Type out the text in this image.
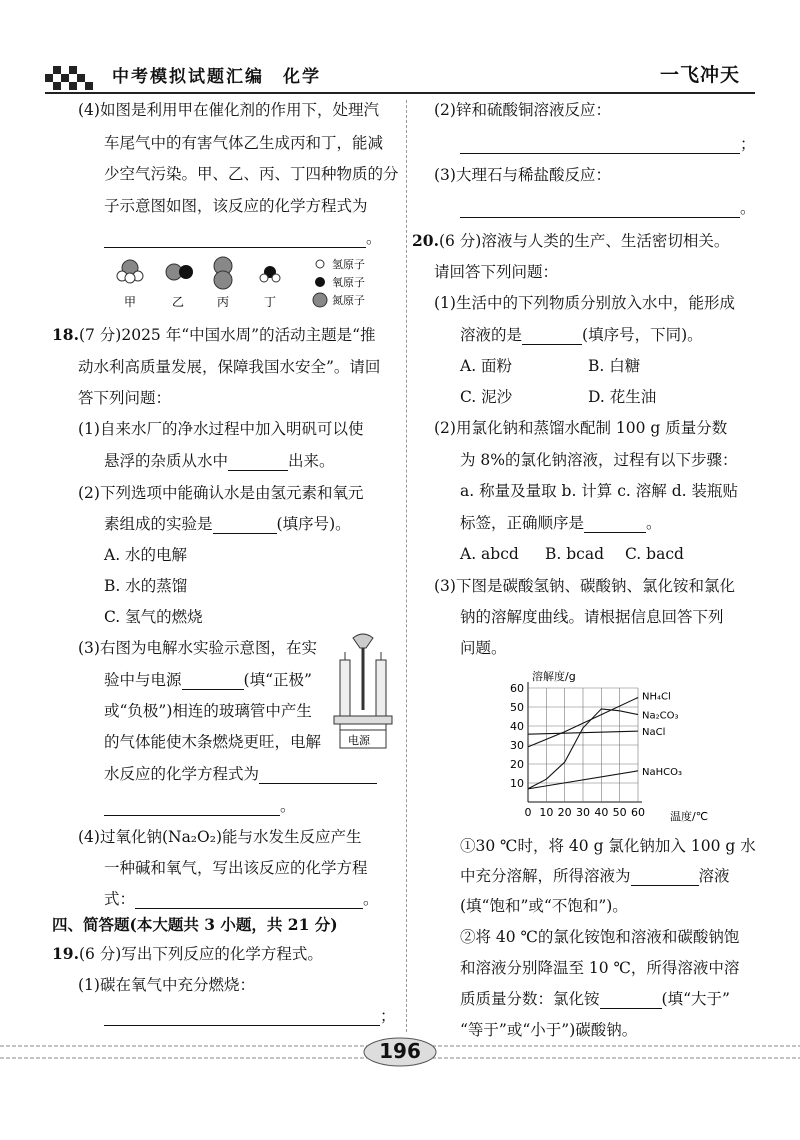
中考模拟试题汇编　化学	一飞冲天
(4)如图是利用甲在催化剂的作用下，处理汽
车尾气中的有害气体乙生成丙和丁，能减
少空气污染。甲、乙、丙、丁四种物质的分
子示意图如图，该反应的化学方程式为
。
甲	乙	丙	丁
氢原子
氧原子
氮原子
18.(7 分)2025 年“中国水周”的活动主题是“推
动水利高质量发展，保障我国水安全”。请回
答下列问题：
(1)自来水厂的净水过程中加入明矾可以使
悬浮的杂质从水中	出来。
(2)下列选项中能确认水是由氢元素和氧元
素组成的实验是	(填序号)。
A. 水的电解
B. 水的蒸馏
C. 氢气的燃烧
(3)右图为电解水实验示意图，在实
验中与电源	(填“正极”
或“负极”)相连的玻璃管中产生
的气体能使木条燃烧更旺，电解
水反应的化学方程式为
。
电源
(4)过氧化钠(Na₂O₂)能与水发生反应产生
一种碱和氧气，写出该反应的化学方程
式：	。
四、简答题(本大题共 3 小题，共 21 分)
19.(6 分)写出下列反应的化学方程式。
(1)碳在氧气中充分燃烧：
；
(2)锌和硫酸铜溶液反应：
；
(3)大理石与稀盐酸反应：
。
20.(6 分)溶液与人类的生产、生活密切相关。
请回答下列问题：
(1)生活中的下列物质分别放入水中，能形成
溶液的是	(填序号，下同)。
A. 面粉	B. 白糖
C. 泥沙	D. 花生油
(2)用氯化钠和蒸馏水配制 100 g 质量分数
为 8%的氯化钠溶液，过程有以下步骤：
a. 称量及量取 b. 计算 c. 溶解 d. 装瓶贴
标签，正确顺序是	。
A. abcd B. bcad C. bacd
(3)下图是碳酸氢钠、碳酸钠、氯化铵和氯化
钠的溶解度曲线。请根据信息回答下列
问题。
NH₄Cl
Na₂CO₃
NaCl
NaHCO₃
10
20
30
40
50
60
0 10 20 30 40 50 60
溶解度/g
温度/℃
①30 ℃时，将 40 g 氯化钠加入 100 g 水
中充分溶解，所得溶液为	溶液
(填“饱和”或“不饱和”)。
②将 40 ℃的氯化铵饱和溶液和碳酸钠饱
和溶液分别降温至 10 ℃，所得溶液中溶
质质量分数：氯化铵	(填“大于”
“等于”或“小于”)碳酸钠。
196
